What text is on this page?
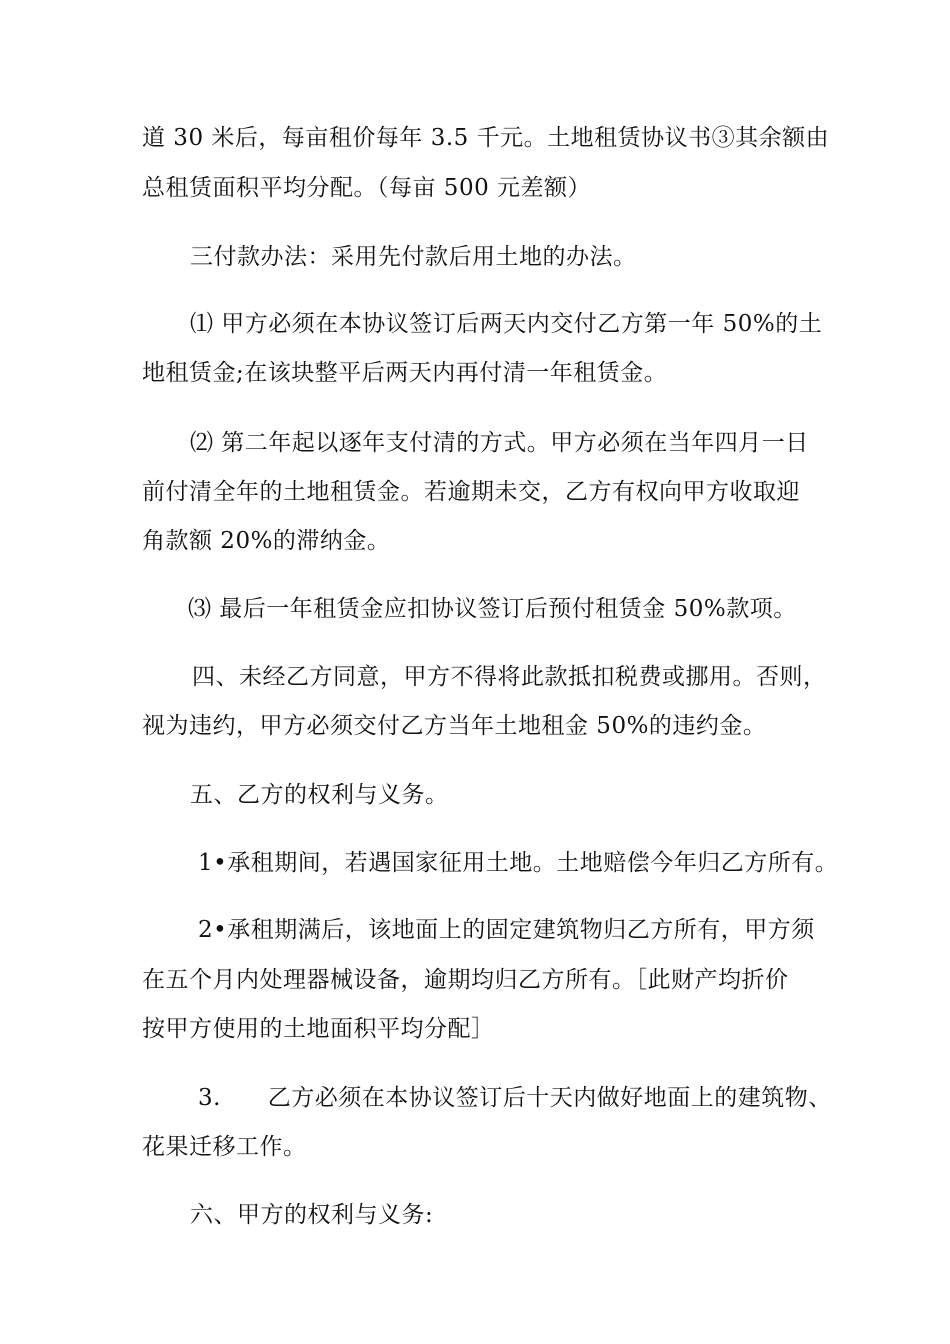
道 30 米后，每亩租价每年 3.5 千元。土地租赁协议书③其余额由
总租赁面积平均分配。（每亩 500 元差额）
三付款办法：采用先付款后用土地的办法。
⑴ 甲方必须在本协议签订后两天内交付乙方第一年 50%的土
地租赁金;在该块整平后两天内再付清一年租赁金。
⑵ 第二年起以逐年支付清的方式。甲方必须在当年四月一日
前付清全年的土地租赁金。若逾期未交，乙方有权向甲方收取迎
角款额 20%的滞纳金。
⑶ 最后一年租赁金应扣协议签订后预付租赁金 50%款项。
四、未经乙方同意，甲方不得将此款抵扣税费或挪用。否则，
视为违约，甲方必须交付乙方当年土地租金 50%的违约金。
五、乙方的权利与义务。
1•承租期间，若遇国家征用土地。土地赔偿今年归乙方所有。
2•承租期满后，该地面上的固定建筑物归乙方所有，甲方须
在五个月内处理器械设备，逾期均归乙方所有。［此财产均折价
按甲方使用的土地面积平均分配］
3.      乙方必须在本协议签订后十天内做好地面上的建筑物、
花果迁移工作。
六、甲方的权利与义务:
